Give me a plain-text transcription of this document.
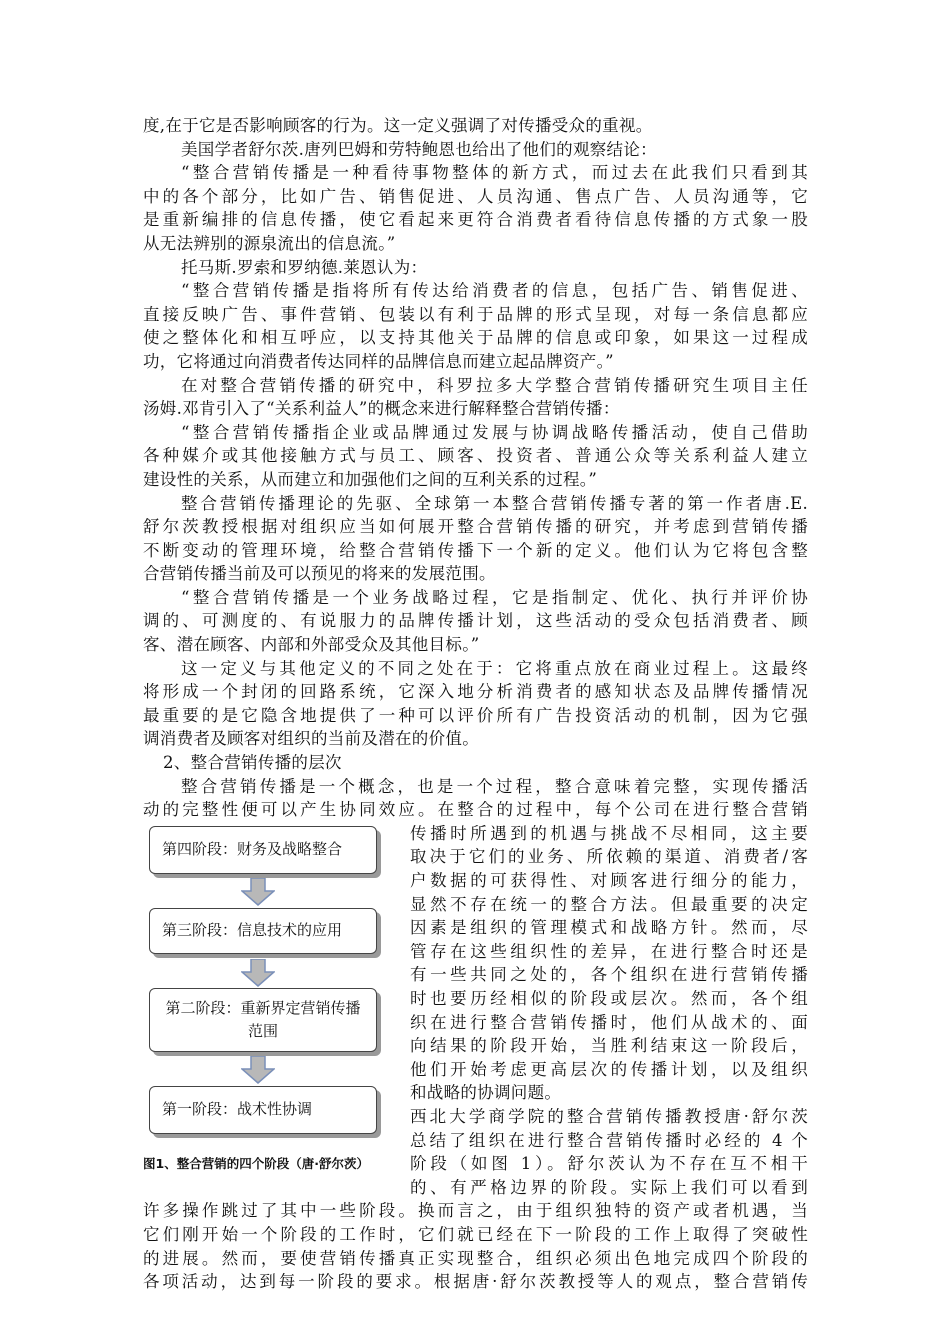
度,在于它是否影响顾客的行为。这一定义强调了对传播受众的重视。
美国学者舒尔茨.唐列巴姆和劳特鲍恩也给出了他们的观察结论：
“整合营销传播是一种看待事物整体的新方式，而过去在此我们只看到其
中的各个部分，比如广告、销售促进、人员沟通、售点广告、人员沟通等，它
是重新编排的信息传播，使它看起来更符合消费者看待信息传播的方式象一股
从无法辨别的源泉流出的信息流。”
托马斯.罗索和罗纳德.莱恩认为：
“整合营销传播是指将所有传达给消费者的信息，包括广告、销售促进、
直接反映广告、事件营销、包装以有利于品牌的形式呈现，对每一条信息都应
使之整体化和相互呼应，以支持其他关于品牌的信息或印象，如果这一过程成
功，它将通过向消费者传达同样的品牌信息而建立起品牌资产。”
在对整合营销传播的研究中，科罗拉多大学整合营销传播研究生项目主任
汤姆.邓肯引入了“关系利益人”的概念来进行解释整合营销传播：
“整合营销传播指企业或品牌通过发展与协调战略传播活动，使自己借助
各种媒介或其他接触方式与员工、顾客、投资者、普通公众等关系利益人建立
建设性的关系，从而建立和加强他们之间的互利关系的过程。”
整合营销传播理论的先驱、全球第一本整合营销传播专著的第一作者唐.E.
舒尔茨教授根据对组织应当如何展开整合营销传播的研究，并考虑到营销传播
不断变动的管理环境，给整合营销传播下一个新的定义。他们认为它将包含整
合营销传播当前及可以预见的将来的发展范围。
“整合营销传播是一个业务战略过程，它是指制定、优化、执行并评价协
调的、可测度的、有说服力的品牌传播计划，这些活动的受众包括消费者、顾
客、潜在顾客、内部和外部受众及其他目标。”
这一定义与其他定义的不同之处在于：它将重点放在商业过程上。这最终
将形成一个封闭的回路系统，它深入地分析消费者的感知状态及品牌传播情况
最重要的是它隐含地提供了一种可以评价所有广告投资活动的机制，因为它强
调消费者及顾客对组织的当前及潜在的价值。
2、整合营销传播的层次
整合营销传播是一个概念，也是一个过程，整合意味着完整，实现传播活
动的完整性便可以产生协同效应。在整合的过程中，每个公司在进行整合营销
第四阶段：财务及战略整合
第三阶段：信息技术的应用
第二阶段：重新界定营销传播范围
第一阶段：战术性协调
图1、整合营销的四个阶段（唐·舒尔茨）
传播时所遇到的机遇与挑战不尽相同，这主要
取决于它们的业务、所依赖的渠道、消费者/客
户数据的可获得性、对顾客进行细分的能力，
显然不存在统一的整合方法。但最重要的决定
因素是组织的管理模式和战略方针。然而，尽
管存在这些组织性的差异，在进行整合时还是
有一些共同之处的，各个组织在进行营销传播
时也要历经相似的阶段或层次。然而，各个组
织在进行整合营销传播时，他们从战术的、面
向结果的阶段开始，当胜利结束这一阶段后，
他们开始考虑更高层次的传播计划，以及组织
和战略的协调问题。
西北大学商学院的整合营销传播教授唐·舒尔茨
总结了组织在进行整合营销传播时必经的 4 个
阶段（如图 1）。舒尔茨认为不存在互不相干
的、有严格边界的阶段。实际上我们可以看到
许多操作跳过了其中一些阶段。换而言之，由于组织独特的资产或者机遇，当
它们刚开始一个阶段的工作时，它们就已经在下一阶段的工作上取得了突破性
的进展。然而，要使营销传播真正实现整合，组织必须出色地完成四个阶段的
各项活动，达到每一阶段的要求。根据唐·舒尔茨教授等人的观点，整合营销传
